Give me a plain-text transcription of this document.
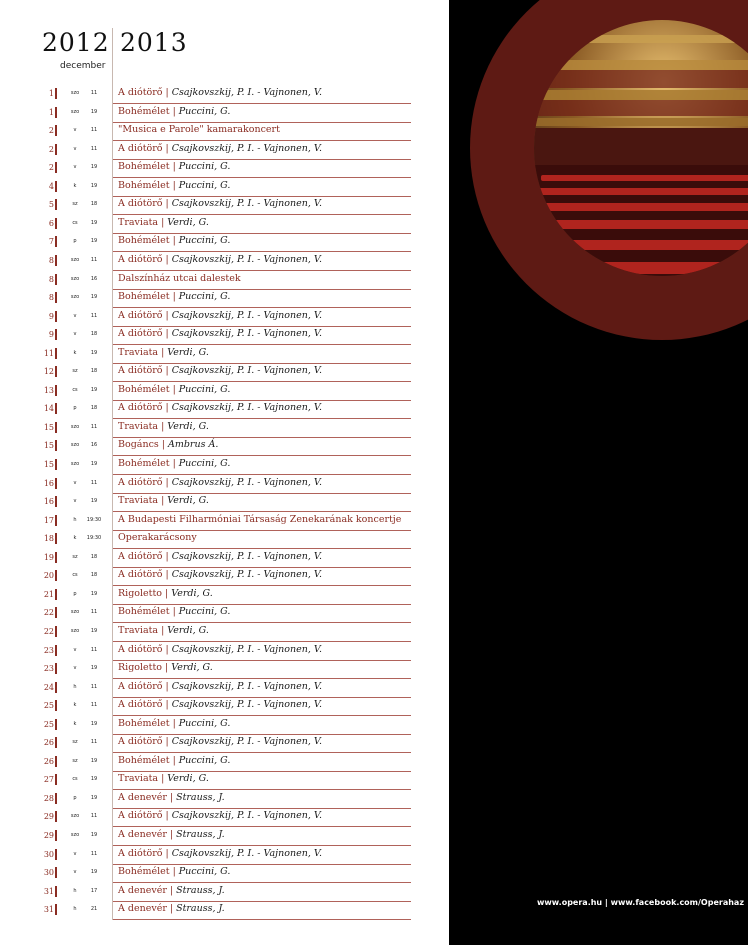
2012 2013
december
1	szo	11	A diótörő | Csajkovszkij, P. I. - Vajnonen, V.
1	szo	19	Bohémélet | Puccini, G.
2	v	11	"Musica e Parole" kamarakoncert
2	v	11	A diótörő | Csajkovszkij, P. I. - Vajnonen, V.
2	v	19	Bohémélet | Puccini, G.
4	k	19	Bohémélet | Puccini, G.
5	sz	18	A diótörő | Csajkovszkij, P. I. - Vajnonen, V.
6	cs	19	Traviata | Verdi, G.
7	p	19	Bohémélet | Puccini, G.
8	szo	11	A diótörő | Csajkovszkij, P. I. - Vajnonen, V.
8	szo	16	Dalszínház utcai dalestek
8	szo	19	Bohémélet | Puccini, G.
9	v	11	A diótörő | Csajkovszkij, P. I. - Vajnonen, V.
9	v	18	A diótörő | Csajkovszkij, P. I. - Vajnonen, V.
11	k	19	Traviata | Verdi, G.
12	sz	18	A diótörő | Csajkovszkij, P. I. - Vajnonen, V.
13	cs	19	Bohémélet | Puccini, G.
14	p	18	A diótörő | Csajkovszkij, P. I. - Vajnonen, V.
15	szo	11	Traviata | Verdi, G.
15	szo	16	Bogáncs | Ambrus Á.
15	szo	19	Bohémélet | Puccini, G.
16	v	11	A diótörő | Csajkovszkij, P. I. - Vajnonen, V.
16	v	19	Traviata | Verdi, G.
17	h	19:30 A Budapesti Filharmóniai Társaság Zenekarának koncertje
18	k	19:30 Operakarácsony
19	sz	18	A diótörő | Csajkovszkij, P. I. - Vajnonen, V.
20	cs	18	A diótörő | Csajkovszkij, P. I. - Vajnonen, V.
21	p	19	Rigoletto | Verdi, G.
22	szo	11	Bohémélet | Puccini, G.
22	szo	19	Traviata | Verdi, G.
23	v	11	A diótörő | Csajkovszkij, P. I. - Vajnonen, V.
23	v	19	Rigoletto | Verdi, G.
24	h	11	A diótörő | Csajkovszkij, P. I. - Vajnonen, V.
25	k	11	A diótörő | Csajkovszkij, P. I. - Vajnonen, V.
25	k	19	Bohémélet | Puccini, G.
26	sz	11	A diótörő | Csajkovszkij, P. I. - Vajnonen, V.
26	sz	19	Bohémélet | Puccini, G.
27	cs	19	Traviata | Verdi, G.
28	p	19	A denevér | Strauss, J.
29	szo	11	A diótörő | Csajkovszkij, P. I. - Vajnonen, V.
29	szo	19	A denevér | Strauss, J.
30	v	11	A diótörő | Csajkovszkij, P. I. - Vajnonen, V.
30	v	19	Bohémélet | Puccini, G.
31	h	17	A denevér | Strauss, J.
31	h	21	A denevér | Strauss, J.
www.opera.hu | www.facebook.com/Operahaz
